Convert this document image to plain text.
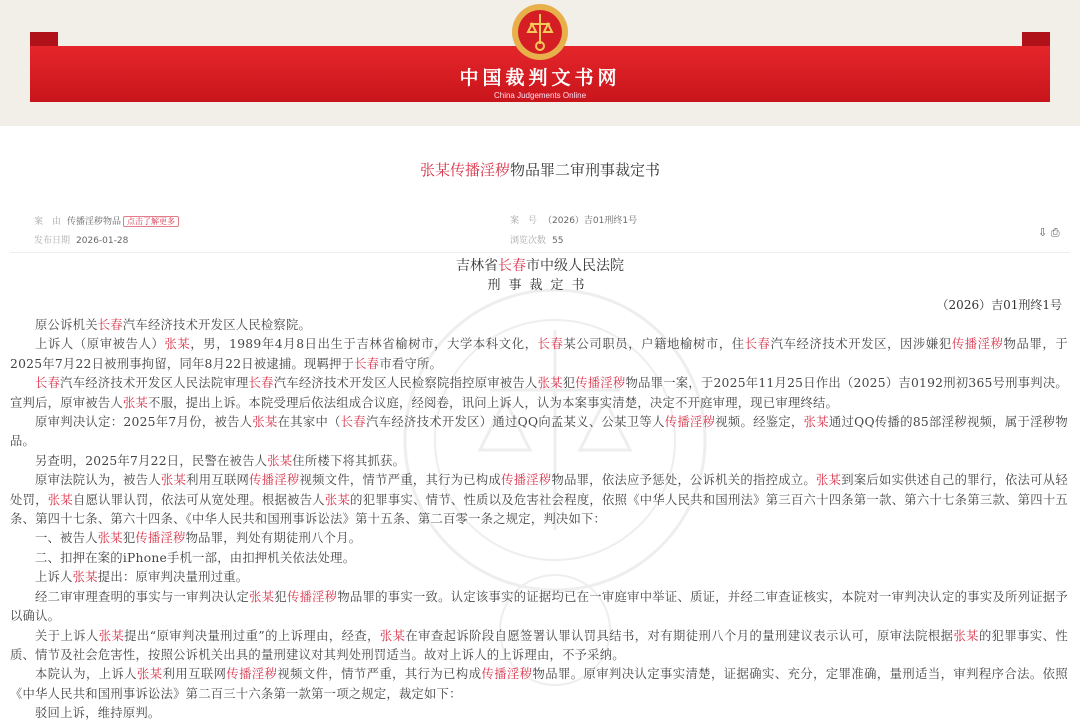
中国裁判文书网
China Judgements Online
张某传播淫秽物品罪二审刑事裁定书
案　由 传播淫秽物品 点击了解更多
发布日期 2026-01-28
案　号 （2026）吉01刑终1号
浏览次数 55
⇩ ⎙
吉林省长春市中级人民法院
刑事裁定书
（2026）吉01刑终1号

原公诉机关长春汽车经济技术开发区人民检察院。

上诉人（原审被告人）张某，男，1989年4月8日出生于吉林省榆树市，大学本科文化，长春某公司职员，户籍地榆树市，住长春汽车经济技术开发区，因涉嫌犯传播淫秽物品罪，于2025年7月22日被刑事拘留，同年8月22日被逮捕。现羁押于长春市看守所。

长春汽车经济技术开发区人民法院审理长春汽车经济技术开发区人民检察院指控原审被告人张某犯传播淫秽物品罪一案，于2025年11月25日作出（2025）吉0192刑初365号刑事判决。宣判后，原审被告人张某不服，提出上诉。本院受理后依法组成合议庭，经阅卷，讯问上诉人，认为本案事实清楚，决定不开庭审理，现已审理终结。

原审判决认定：2025年7月份，被告人张某在其家中（长春汽车经济技术开发区）通过QQ向孟某义、公某卫等人传播淫秽视频。经鉴定，张某通过QQ传播的85部淫秽视频，属于淫秽物品。

另查明，2025年7月22日，民警在被告人张某住所楼下将其抓获。

原审法院认为，被告人张某利用互联网传播淫秽视频文件，情节严重，其行为已构成传播淫秽物品罪，依法应予惩处，公诉机关的指控成立。张某到案后如实供述自己的罪行，依法可从轻处罚，张某自愿认罪认罚，依法可从宽处理。根据被告人张某的犯罪事实、情节、性质以及危害社会程度，依照《中华人民共和国刑法》第三百六十四条第一款、第六十七条第三款、第四十五条、第四十七条、第六十四条、《中华人民共和国刑事诉讼法》第十五条、第二百零一条之规定，判决如下：

一、被告人张某犯传播淫秽物品罪，判处有期徒刑八个月。

二、扣押在案的iPhone手机一部，由扣押机关依法处理。

上诉人张某提出：原审判决量刑过重。

经二审审理查明的事实与一审判决认定张某犯传播淫秽物品罪的事实一致。认定该事实的证据均已在一审庭审中举证、质证，并经二审查证核实，本院对一审判决认定的事实及所列证据予以确认。

关于上诉人张某提出“原审判决量刑过重”的上诉理由，经查，张某在审查起诉阶段自愿签署认罪认罚具结书，对有期徒刑八个月的量刑建议表示认可，原审法院根据张某的犯罪事实、性质、情节及社会危害性，按照公诉机关出具的量刑建议对其判处刑罚适当。故对上诉人的上诉理由，不予采纳。

本院认为，上诉人张某利用互联网传播淫秽视频文件，情节严重，其行为已构成传播淫秽物品罪。原审判决认定事实清楚，证据确实、充分，定罪准确，量刑适当，审判程序合法。依照《中华人民共和国刑事诉讼法》第二百三十六条第一款第一项之规定，裁定如下：

驳回上诉，维持原判。
